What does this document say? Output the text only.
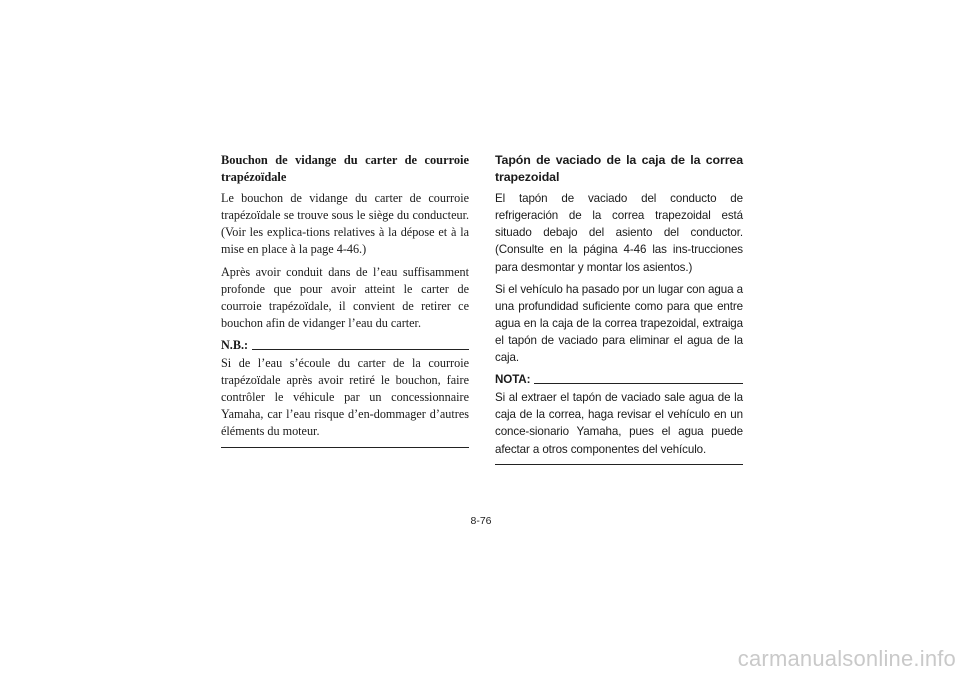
Bouchon de vidange du carter de courroie trapézoïdale
Le bouchon de vidange du carter de courroie trapézoïdale se trouve sous le siège du conducteur. (Voir les explica-tions relatives à la dépose et à la mise en place à la page 4-46.)
Après avoir conduit dans de l’eau suffisamment profonde que pour avoir atteint le carter de courroie trapézoïdale, il convient de retirer ce bouchon afin de vidanger l’eau du carter.
N.B.:
Si de l’eau s’écoule du carter de la courroie trapézoïdale après avoir retiré le bouchon, faire contrôler le véhicule par un concessionnaire Yamaha, car l’eau risque d’en-dommager d’autres éléments du moteur.
Tapón de vaciado de la caja de la correa trapezoidal
El tapón de vaciado del conducto de refrigeración de la correa trapezoidal está situado debajo del asiento del conductor. (Consulte en la página 4-46 las ins-trucciones para desmontar y montar los asientos.)
Si el vehículo ha pasado por un lugar con agua a una profundidad suficiente como para que entre agua en la caja de la correa trapezoidal, extraiga el tapón de vaciado para eliminar el agua de la caja.
NOTA:
Si al extraer el tapón de vaciado sale agua de la caja de la correa, haga revisar el vehículo en un conce-sionario Yamaha, pues el agua puede afectar a otros componentes del vehículo.
8-76
carmanualsonline.info
